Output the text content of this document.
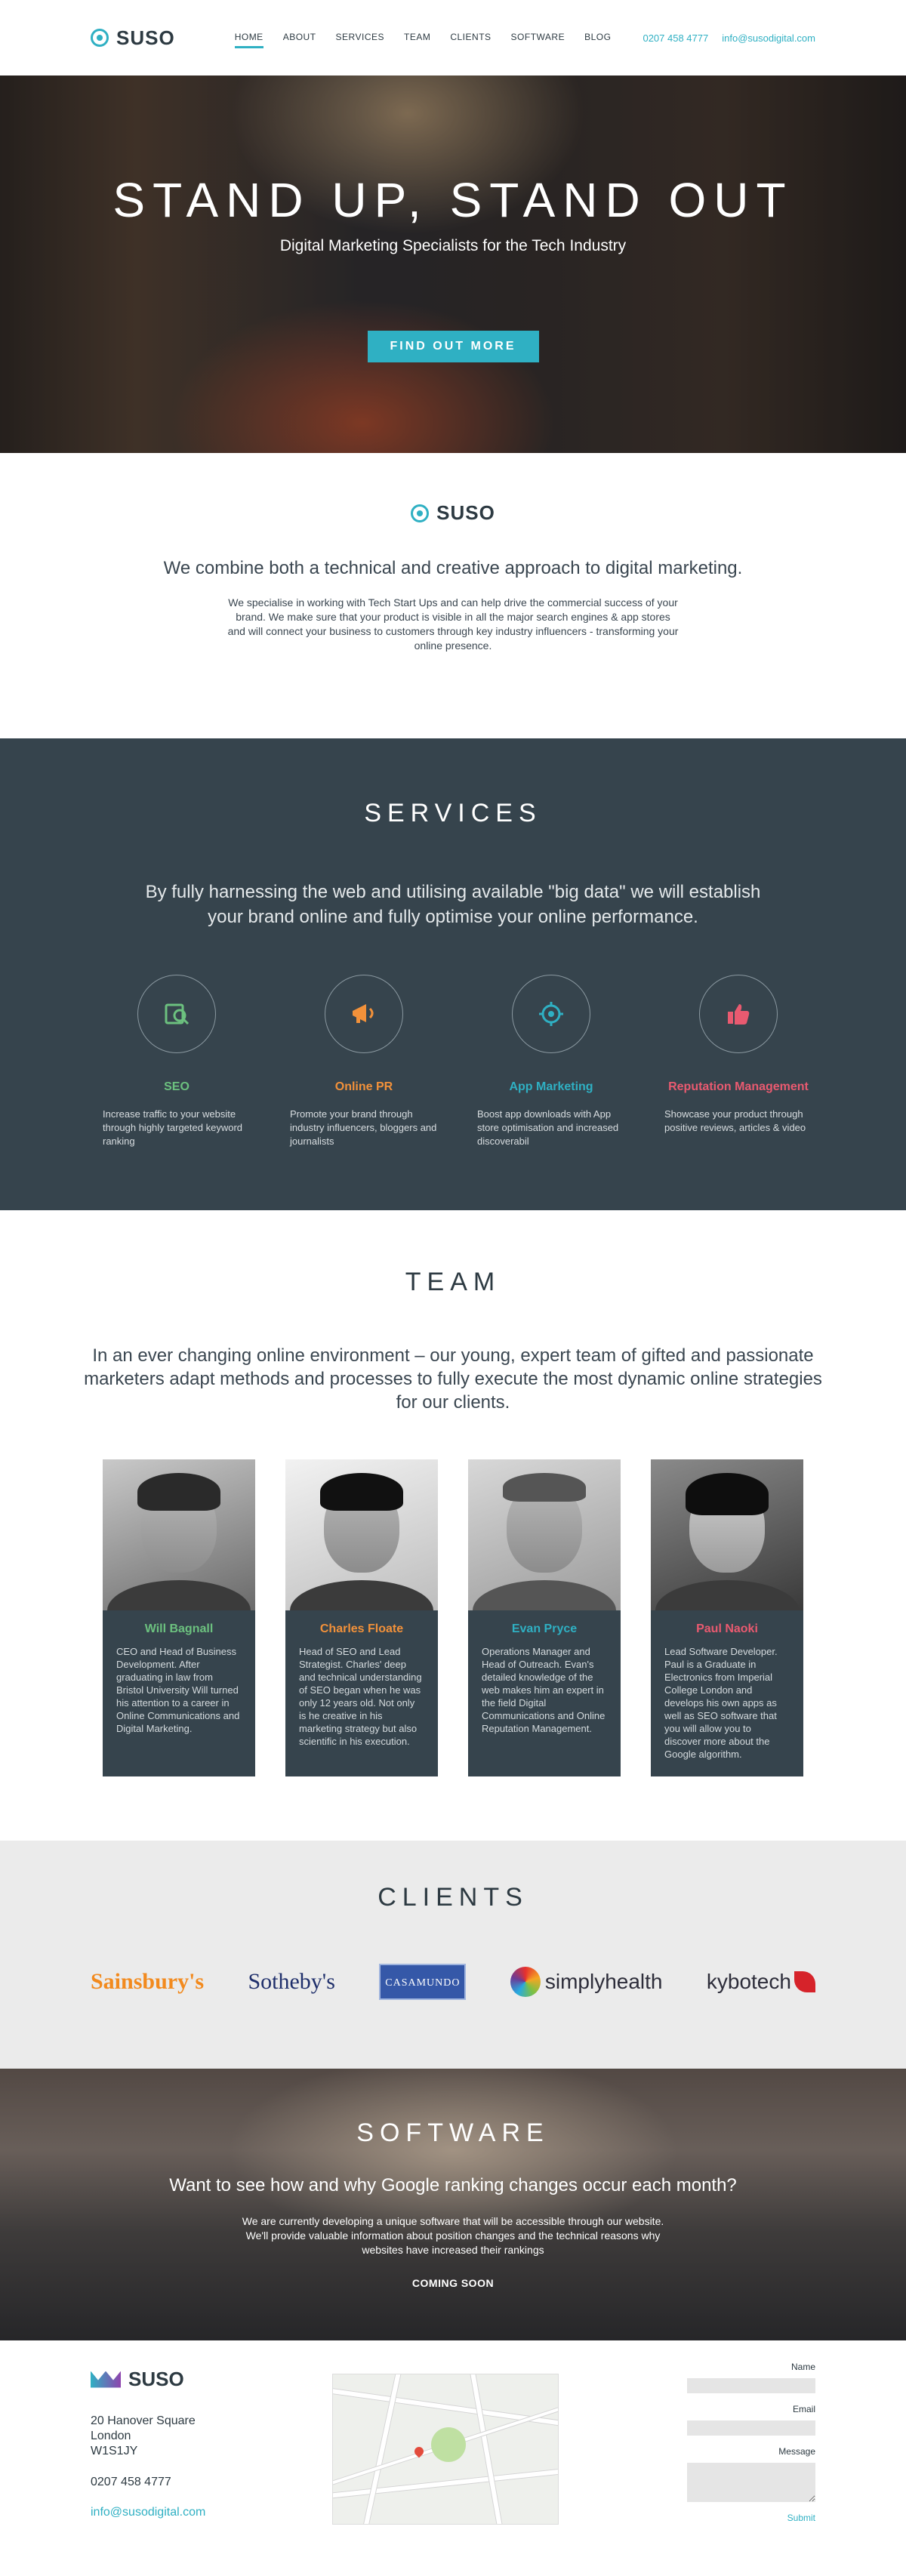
SUSO	HOME	ABOUT	SERVICES	TEAM	CLIENTS	SOFTWARE	BLOG	0207 458 4777 info@susodigital.com
STAND UP, STAND OUT

Digital Marketing Specialists for the Tech Industry

FIND OUT MORE
SUSO

We combine both a technical and creative approach to digital marketing.

We specialise in working with Tech Start Ups and can help drive the commercial success of your brand. We make sure that your product is visible in all the major search engines & app stores and will connect your business to customers through key industry influencers - transforming your online presence.

SERVICES

By fully harnessing the web and utilising available "big data" we will establish your brand online and fully optimise your online performance.

SEO
Increase traffic to your website through highly targeted keyword ranking
Online PR
Promote your brand through industry influencers, bloggers and journalists
App Marketing
Boost app downloads with App store optimisation and increased discoverabil
Reputation Management
Showcase your product through positive reviews, articles & video
TEAM

In an ever changing online environment – our young, expert team of gifted and passionate marketers adapt methods and processes to fully execute the most dynamic online strategies for our clients.

Will Bagnall
CEO and Head of Business Development. After graduating in law from Bristol University Will turned his attention to a career in Online Communications and Digital Marketing.
Charles Floate
Head of SEO and Lead Strategist. Charles' deep and technical understanding of SEO began when he was only 12 years old. Not only is he creative in his marketing strategy but also scientific in his execution.
Evan Pryce
Operations Manager and Head of Outreach. Evan's detailed knowledge of the web makes him an expert in the field Digital Communications and Online Reputation Management.
Paul Naoki
Lead Software Developer. Paul is a Graduate in Electronics from Imperial College London and develops his own apps as well as SEO software that you will allow you to discover more about the Google algorithm.
CLIENTS
Sainsbury's Sotheby's	CASAMUNDO	simplyhealth kybotech
SOFTWARE

Want to see how and why Google ranking changes occur each month?

We are currently developing a unique software that will be accessible through our website. We'll provide valuable information about position changes and the technical reasons why websites have increased their rankings

COMING SOON

SUSO
20 Hanover Square
London
W1S1JY
0207 458 4777
info@susodigital.com
Name
Email
Message
Submit
